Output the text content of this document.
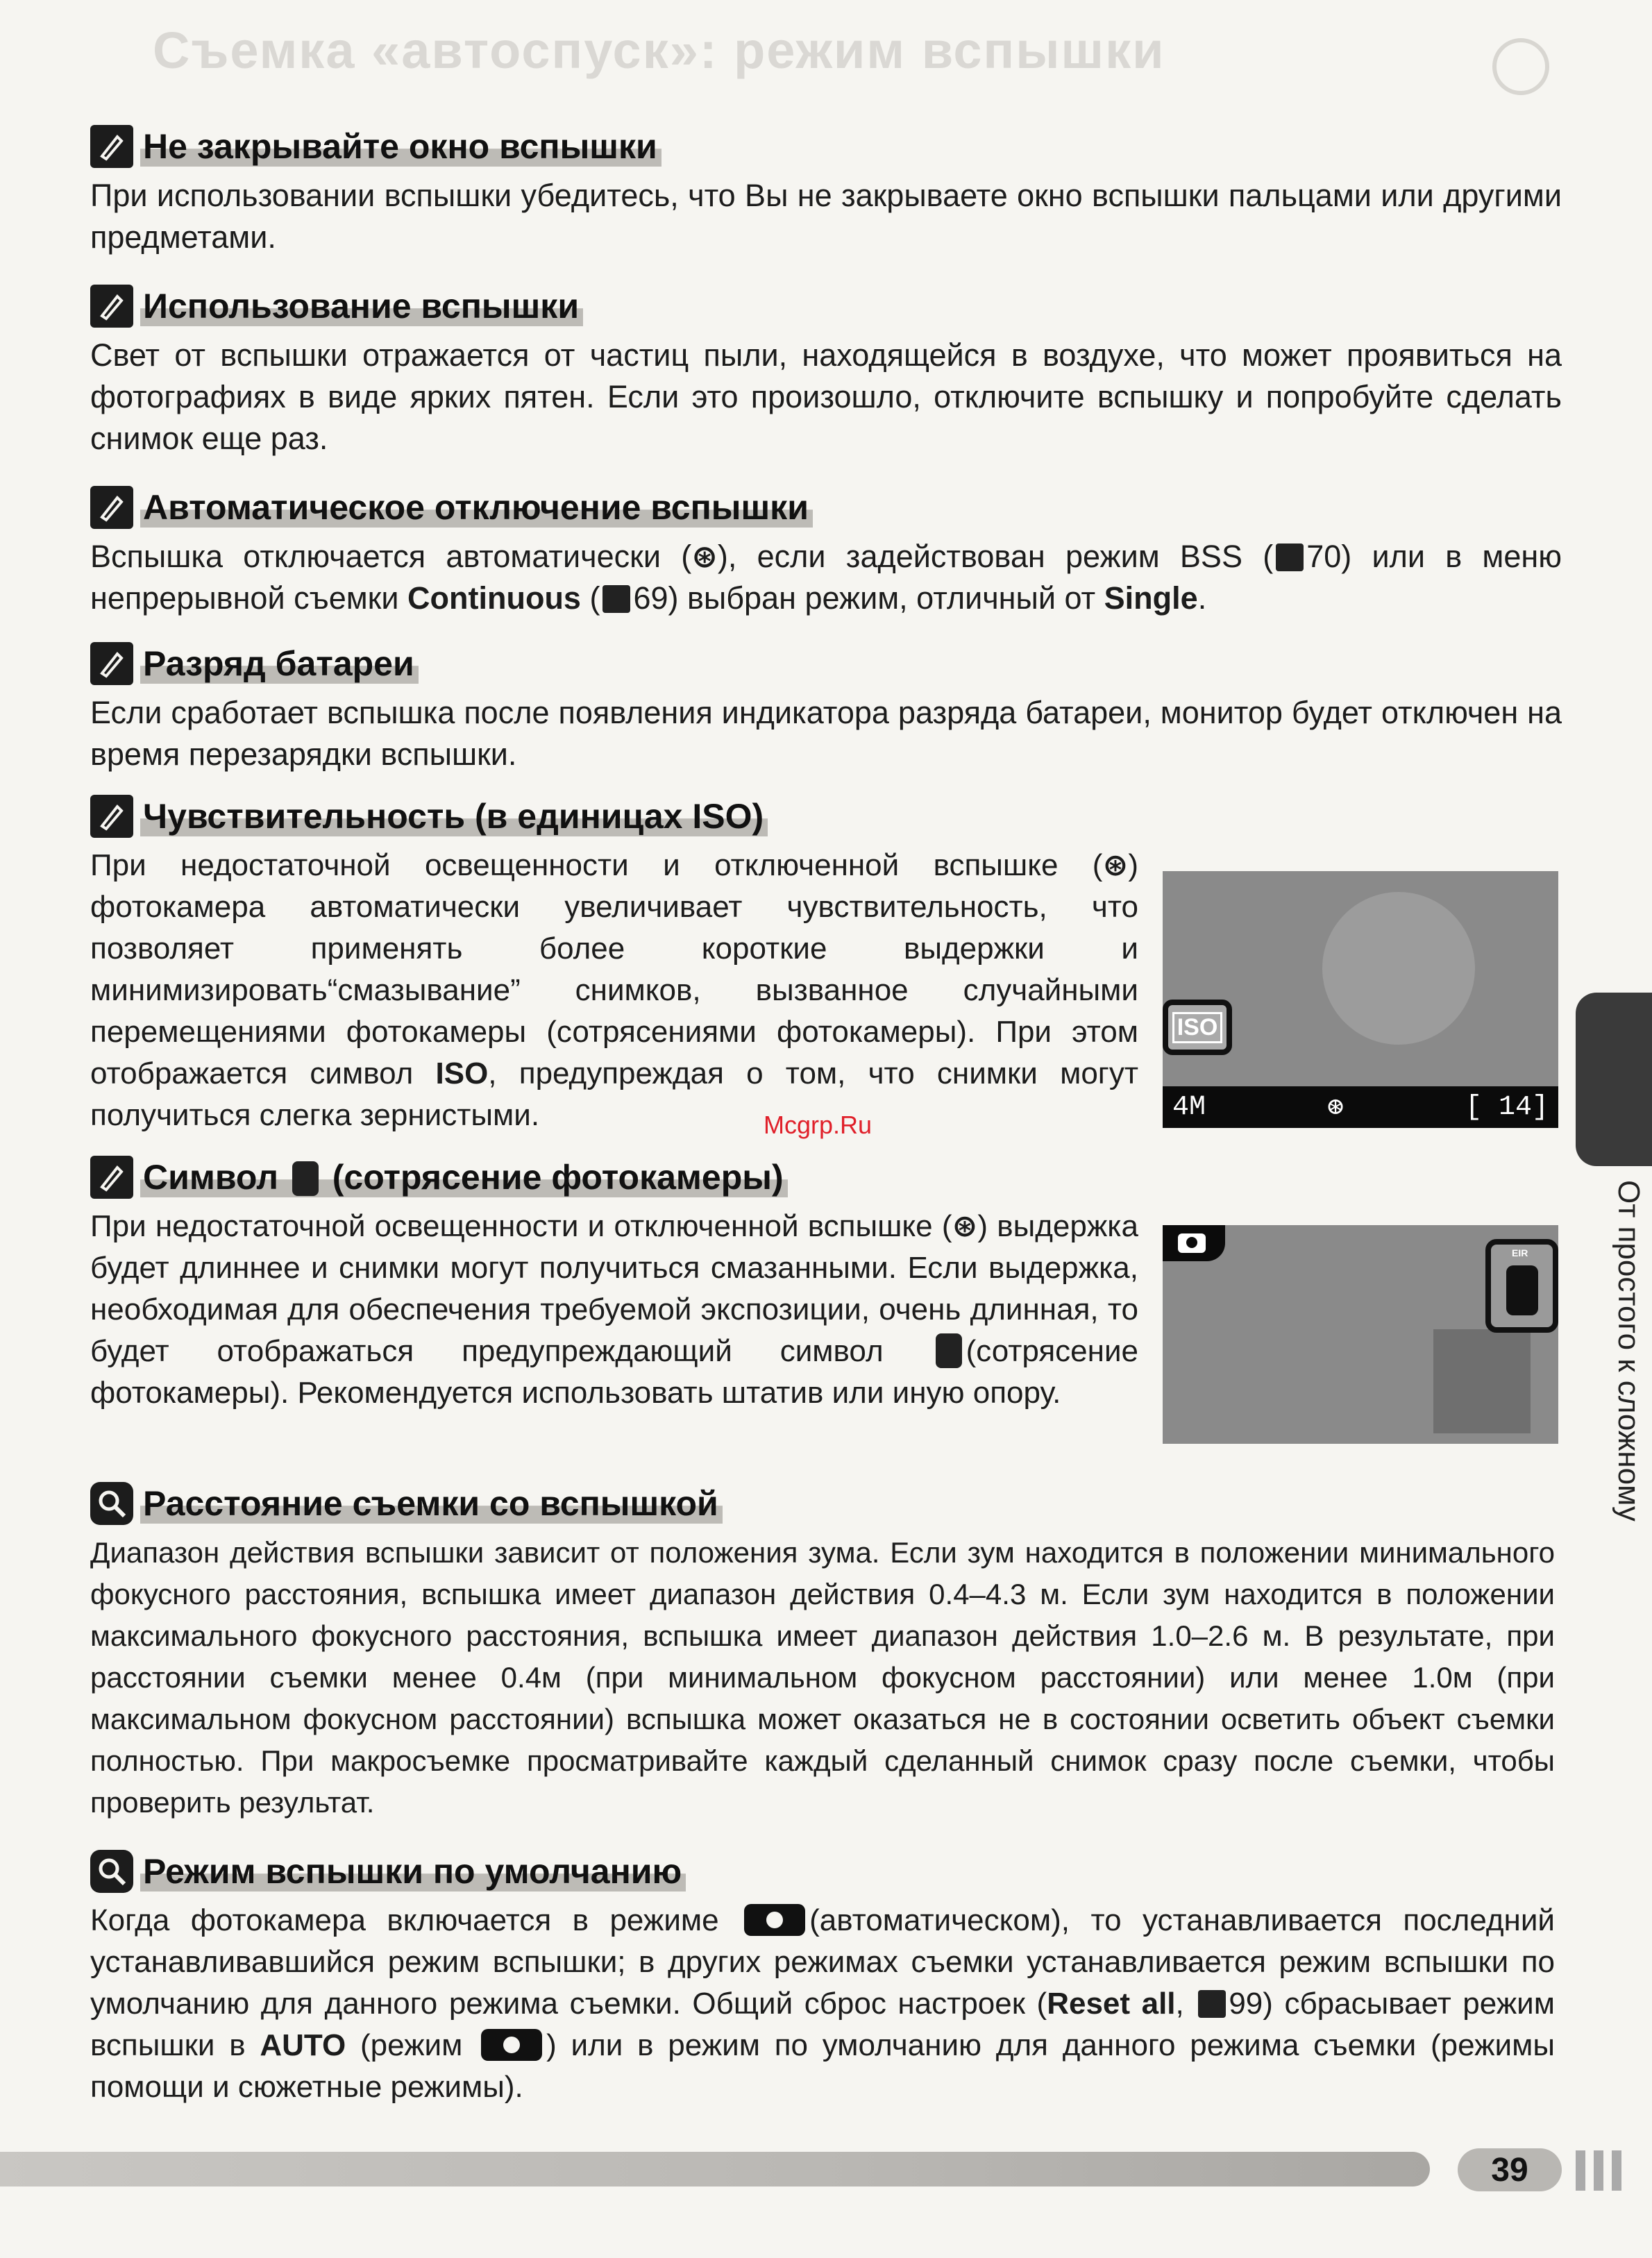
Съемка «автоспуск»: режим вспышки
Не закрывайте окно вспышки
При использовании вспышки убедитесь, что Вы не закрываете окно вспышки пальцами или другими предметами.
Использование вспышки
Свет от вспышки отражается от частиц пыли, находящейся в воздухе, что может проявиться на фотографиях в виде ярких пятен. Если это произошло, отключите вспышку и попробуйте сделать снимок еще раз.
Автоматическое отключение вспышки
Вспышка отключается автоматически (⊛), если задействован режим BSS ( 70) или в меню непрерывной съемки Continuous ( 69) выбран режим, отличный от Single.
Разряд батареи
Если сработает вспышка после появления индикатора разряда батареи, монитор будет отключен на время перезарядки вспышки.
Чувствительность (в единицах ISO)
При недостаточной освещенности и отключенной вспышке (⊛) фотокамера автоматически увеличивает чувствительность, что позволяет применять более короткие выдержки и минимизировать“смазывание” снимков, вызванное случайными перемещениями фотокамеры (сотрясениями фотокамеры). При этом отображается символ ISO, предупреждая о том, что снимки могут получиться слегка зернистыми.
ISO
4M	⊛	[ 14]
Mcgrp.Ru
Символ  (сотрясение фотокамеры)
При недостаточной освещенности и отключенной вспышке (⊛) выдержка будет длиннее и снимки могут получиться смазанными. Если выдержка, необходимая для обеспечения требуемой экспозиции, очень длинная, то будет отображаться предупреждающий символ (сотрясение фотокамеры). Рекомендуется использовать штатив или иную опору.
EIR
Расстояние съемки со вспышкой
Диапазон действия вспышки зависит от положения зума. Если зум находится в положении минимального фокусного расстояния, вспышка имеет диапазон действия 0.4–4.3 м. Если зум находится в положении максимального фокусного расстояния, вспышка имеет диапазон действия 1.0–2.6 м. В результате, при расстоянии съемки менее 0.4м (при минимальном фокусном расстоянии) или менее 1.0м (при максимальном фокусном расстоянии) вспышка может оказаться не в состоянии осветить объект съемки полностью. При макросъемке просматривайте каждый сделанный снимок сразу после съемки, чтобы проверить результат.
Режим вспышки по умолчанию
Когда фотокамера включается в режиме (автоматическом), то устанавливается последний устанавливавшийся режим вспышки; в других режимах съемки устанавливается режим вспышки по умолчанию для данного режима съемки. Общий сброс настроек (Reset all, 99) сбрасывает режим вспышки в AUTO (режим ) или в режим по умолчанию для данного режима съемки (режимы помощи и сюжетные режимы).
От простого к сложному
39
